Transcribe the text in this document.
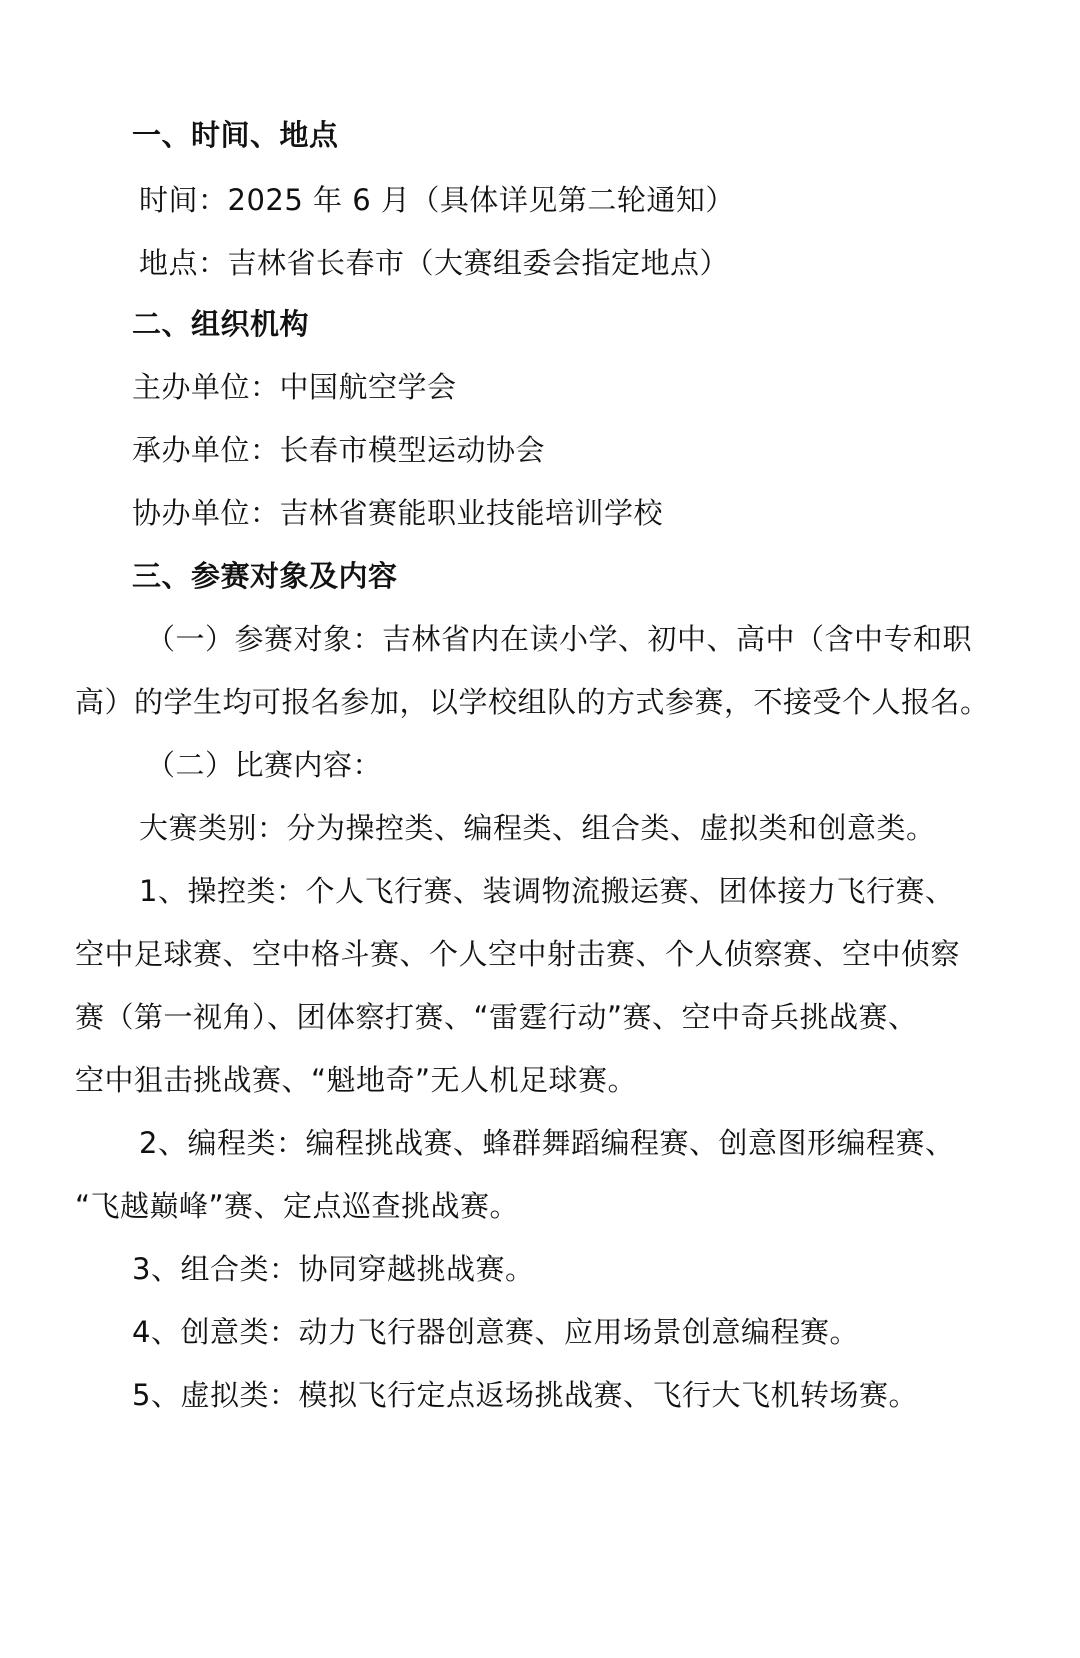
一、时间、地点
时间：2025 年 6 月（具体详见第二轮通知）
地点：吉林省长春市（大赛组委会指定地点）
二、组织机构
主办单位：中国航空学会
承办单位：长春市模型运动协会
协办单位：吉林省赛能职业技能培训学校
三、参赛对象及内容
（一）参赛对象：吉林省内在读小学、初中、高中（含中专和职
高）的学生均可报名参加，以学校组队的方式参赛，不接受个人报名。
（二）比赛内容：
大赛类别：分为操控类、编程类、组合类、虚拟类和创意类。
1、操控类：个人飞行赛、装调物流搬运赛、团体接力飞行赛、
空中足球赛、空中格斗赛、个人空中射击赛、个人侦察赛、空中侦察
赛（第一视角）、团体察打赛、“雷霆行动”赛、空中奇兵挑战赛、
空中狙击挑战赛、“魁地奇”无人机足球赛。
2、编程类：编程挑战赛、蜂群舞蹈编程赛、创意图形编程赛、
“飞越巅峰”赛、定点巡查挑战赛。
3、组合类：协同穿越挑战赛。
4、创意类：动力飞行器创意赛、应用场景创意编程赛。
5、虚拟类：模拟飞行定点返场挑战赛、飞行大飞机转场赛。
